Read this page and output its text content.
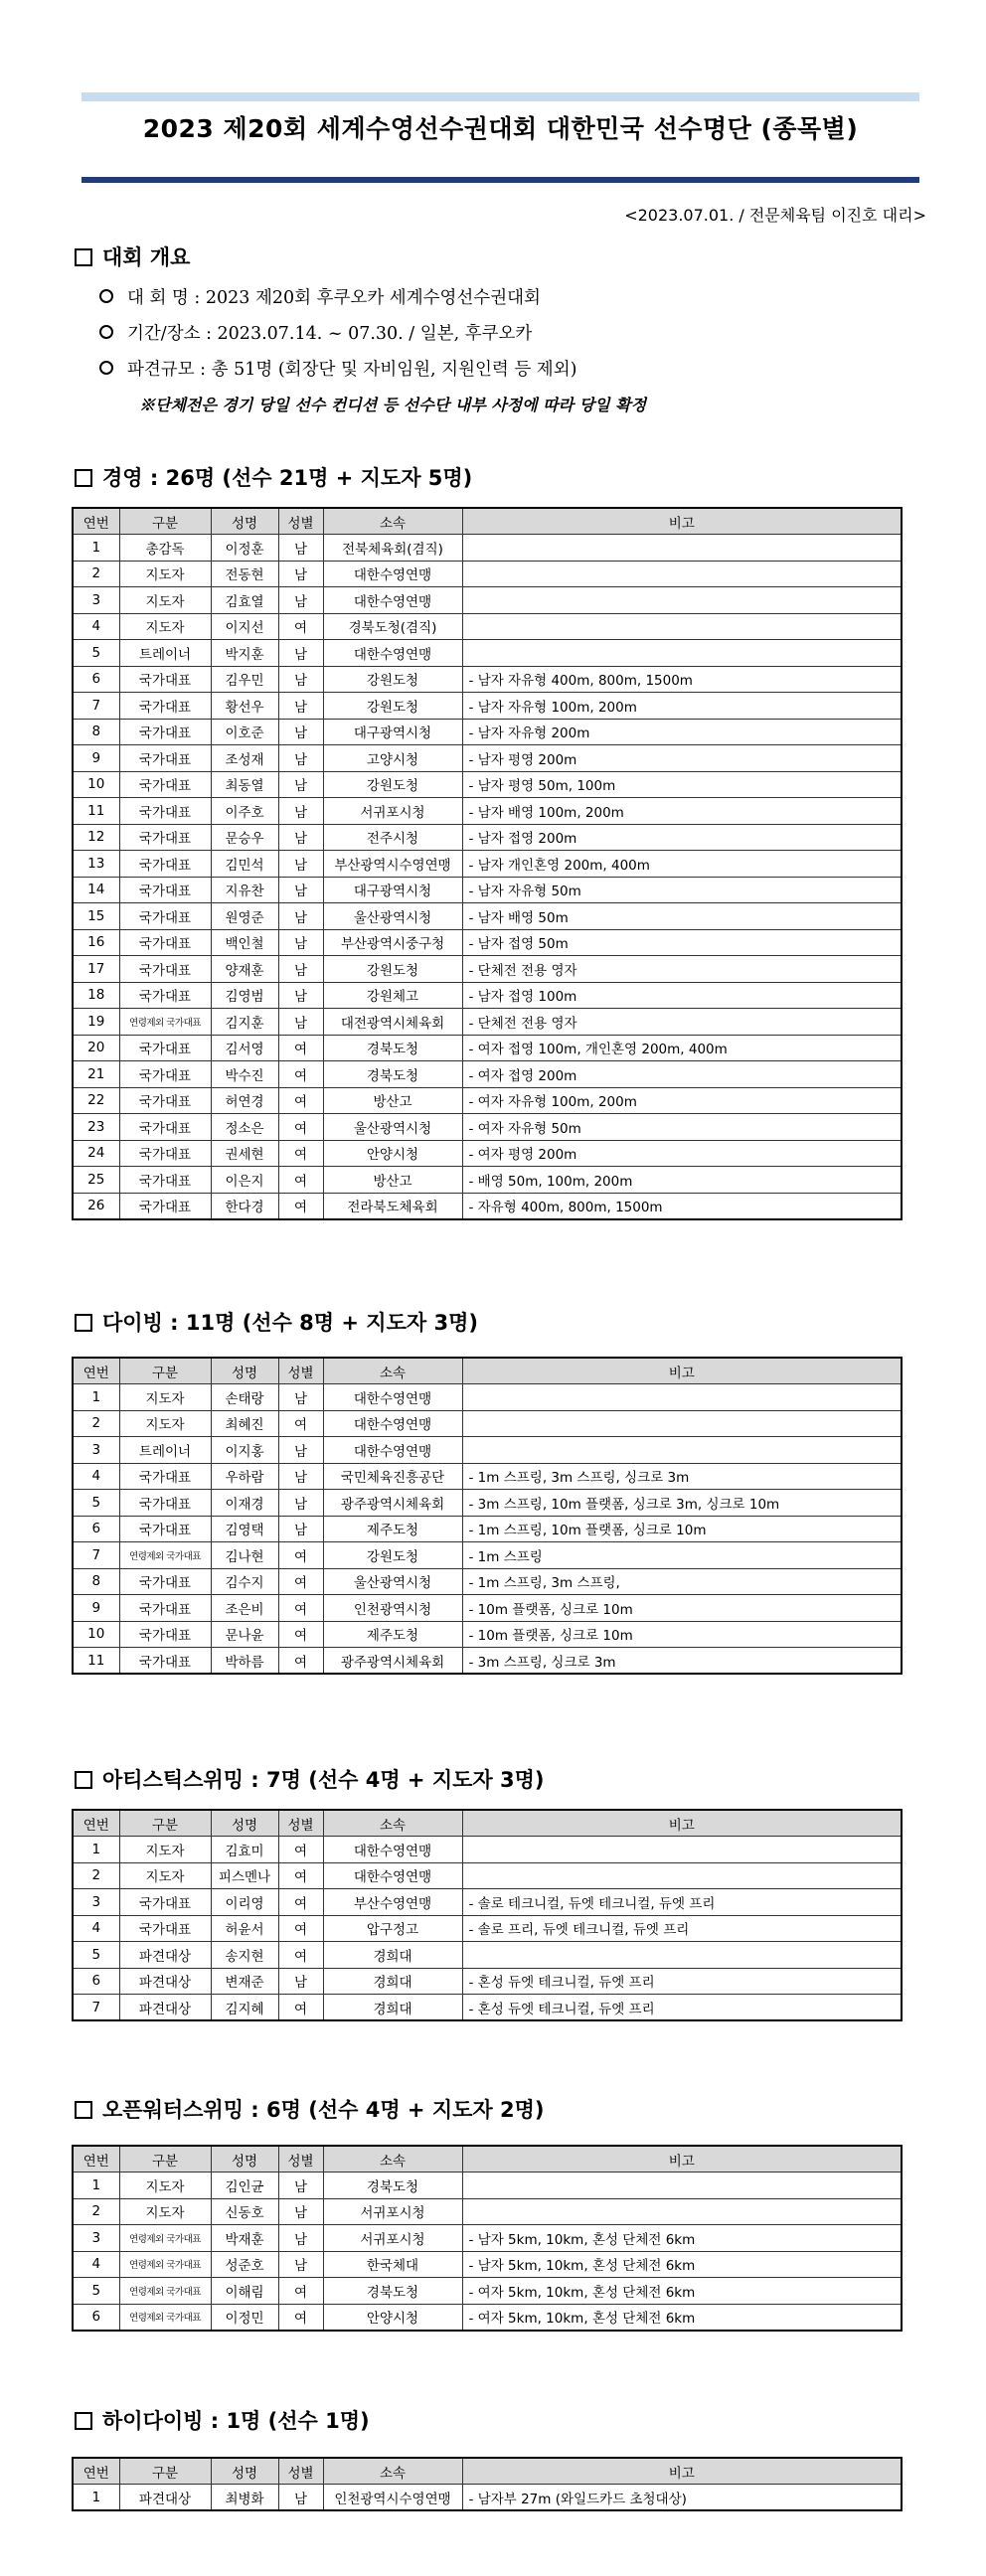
2023 제20회 세계수영선수권대회 대한민국 선수명단 (종목별)
<2023.07.01. / 전문체육팀 이진호 대리>
대회 개요
대 회 명 : 2023 제20회 후쿠오카 세계수영선수권대회
기간/장소 : 2023.07.14. ~ 07.30. / 일본, 후쿠오카
파견규모 : 총 51명 (회장단 및 자비임원, 지원인력 등 제외)
※단체전은 경기 당일 선수 컨디션 등 선수단 내부 사정에 따라 당일 확정
경영 : 26명 (선수 21명 + 지도자 5명)
연번	구분	성명	성별	소속	비고
1	총감독	이정훈	남	전북체육회(겸직)	
2	지도자	전동현	남	대한수영연맹	
3	지도자	김효열	남	대한수영연맹	
4	지도자	이지선	여	경북도청(겸직)	
5	트레이너	박지훈	남	대한수영연맹	
6	국가대표	김우민	남	강원도청	- 남자 자유형 400m, 800m, 1500m
7	국가대표	황선우	남	강원도청	- 남자 자유형 100m, 200m
8	국가대표	이호준	남	대구광역시청	- 남자 자유형 200m
9	국가대표	조성재	남	고양시청	- 남자 평영 200m
10	국가대표	최동열	남	강원도청	- 남자 평영 50m, 100m
11	국가대표	이주호	남	서귀포시청	- 남자 배영 100m, 200m
12	국가대표	문승우	남	전주시청	- 남자 접영 200m
13	국가대표	김민석	남	부산광역시수영연맹	- 남자 개인혼영 200m, 400m
14	국가대표	지유찬	남	대구광역시청	- 남자 자유형 50m
15	국가대표	원영준	남	울산광역시청	- 남자 배영 50m
16	국가대표	백인철	남	부산광역시중구청	- 남자 접영 50m
17	국가대표	양재훈	남	강원도청	- 단체전 전용 영자
18	국가대표	김영범	남	강원체고	- 남자 접영 100m
19	연령제외 국가대표	김지훈	남	대전광역시체육회	- 단체전 전용 영자
20	국가대표	김서영	여	경북도청	- 여자 접영 100m, 개인혼영 200m, 400m
21	국가대표	박수진	여	경북도청	- 여자 접영 200m
22	국가대표	허연경	여	방산고	- 여자 자유형 100m, 200m
23	국가대표	정소은	여	울산광역시청	- 여자 자유형 50m
24	국가대표	권세현	여	안양시청	- 여자 평영 200m
25	국가대표	이은지	여	방산고	- 배영 50m, 100m, 200m
26	국가대표	한다경	여	전라북도체육회	- 자유형 400m, 800m, 1500m
다이빙 : 11명 (선수 8명 + 지도자 3명)
연번	구분	성명	성별	소속	비고
1	지도자	손태랑	남	대한수영연맹	
2	지도자	최혜진	여	대한수영연맹	
3	트레이너	이지홍	남	대한수영연맹	
4	국가대표	우하람	남	국민체육진흥공단	- 1m 스프링, 3m 스프링, 싱크로 3m
5	국가대표	이재경	남	광주광역시체육회	- 3m 스프링, 10m 플랫폼, 싱크로 3m, 싱크로 10m
6	국가대표	김영택	남	제주도청	- 1m 스프링, 10m 플랫폼, 싱크로 10m
7	연령제외 국가대표	김나현	여	강원도청	- 1m 스프링
8	국가대표	김수지	여	울산광역시청	- 1m 스프링, 3m 스프링,
9	국가대표	조은비	여	인천광역시청	- 10m 플랫폼, 싱크로 10m
10	국가대표	문나윤	여	제주도청	- 10m 플랫폼, 싱크로 10m
11	국가대표	박하름	여	광주광역시체육회	- 3m 스프링, 싱크로 3m
아티스틱스위밍 : 7명 (선수 4명 + 지도자 3명)
연번	구분	성명	성별	소속	비고
1	지도자	김효미	여	대한수영연맹	
2	지도자	피스멘나	여	대한수영연맹	
3	국가대표	이리영	여	부산수영연맹	- 솔로 테크니컬, 듀엣 테크니컬, 듀엣 프리
4	국가대표	허윤서	여	압구정고	- 솔로 프리, 듀엣 테크니컬, 듀엣 프리
5	파견대상	송지현	여	경희대	
6	파견대상	변재준	남	경희대	- 혼성 듀엣 테크니컬, 듀엣 프리
7	파견대상	김지혜	여	경희대	- 혼성 듀엣 테크니컬, 듀엣 프리
오픈워터스위밍 : 6명 (선수 4명 + 지도자 2명)
연번	구분	성명	성별	소속	비고
1	지도자	김인균	남	경북도청	
2	지도자	신동호	남	서귀포시청	
3	연령제외 국가대표	박재훈	남	서귀포시청	- 남자 5km, 10km, 혼성 단체전 6km
4	연령제외 국가대표	성준호	남	한국체대	- 남자 5km, 10km, 혼성 단체전 6km
5	연령제외 국가대표	이해림	여	경북도청	- 여자 5km, 10km, 혼성 단체전 6km
6	연령제외 국가대표	이정민	여	안양시청	- 여자 5km, 10km, 혼성 단체전 6km
하이다이빙 : 1명 (선수 1명)
연번	구분	성명	성별	소속	비고
1	파견대상	최병화	남	인천광역시수영연맹	- 남자부 27m (와일드카드 초청대상)
